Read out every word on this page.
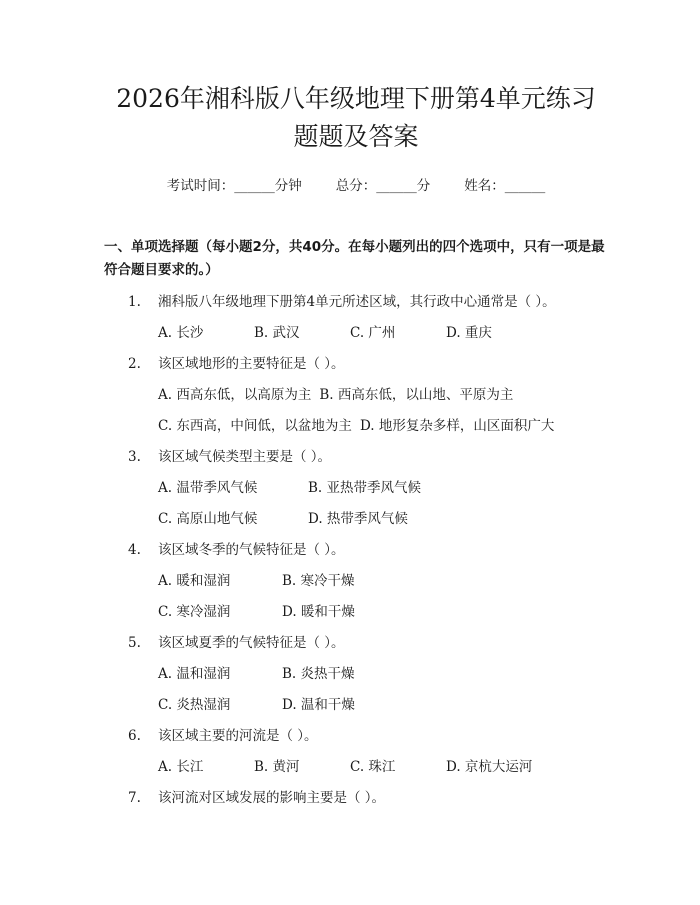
2026年湘科版八年级地理下册第4单元练习
题题及答案
考试时间：______分钟	总分：______分	姓名：______
一、单项选择题（每小题2分，共40分。在每小题列出的四个选项中，只有一项是最符合题目要求的。）
1.	湘科版八年级地理下册第4单元所述区域，其行政中心通常是（ ）。
A. 长沙	B. 武汉	C. 广州	D. 重庆
2.	该区域地形的主要特征是（ ）。
A. 西高东低，以高原为主 B. 西高东低，以山地、平原为主
C. 东西高，中间低，以盆地为主 D. 地形复杂多样，山区面积广大
3.	该区域气候类型主要是（ ）。
A. 温带季风气候	B. 亚热带季风气候
C. 高原山地气候	D. 热带季风气候
4.	该区域冬季的气候特征是（ ）。
A. 暖和湿润	B. 寒冷干燥
C. 寒冷湿润	D. 暖和干燥
5.	该区域夏季的气候特征是（ ）。
A. 温和湿润	B. 炎热干燥
C. 炎热湿润	D. 温和干燥
6.	该区域主要的河流是（ ）。
A. 长江	B. 黄河	C. 珠江	D. 京杭大运河
7.	该河流对区域发展的影响主要是（ ）。
